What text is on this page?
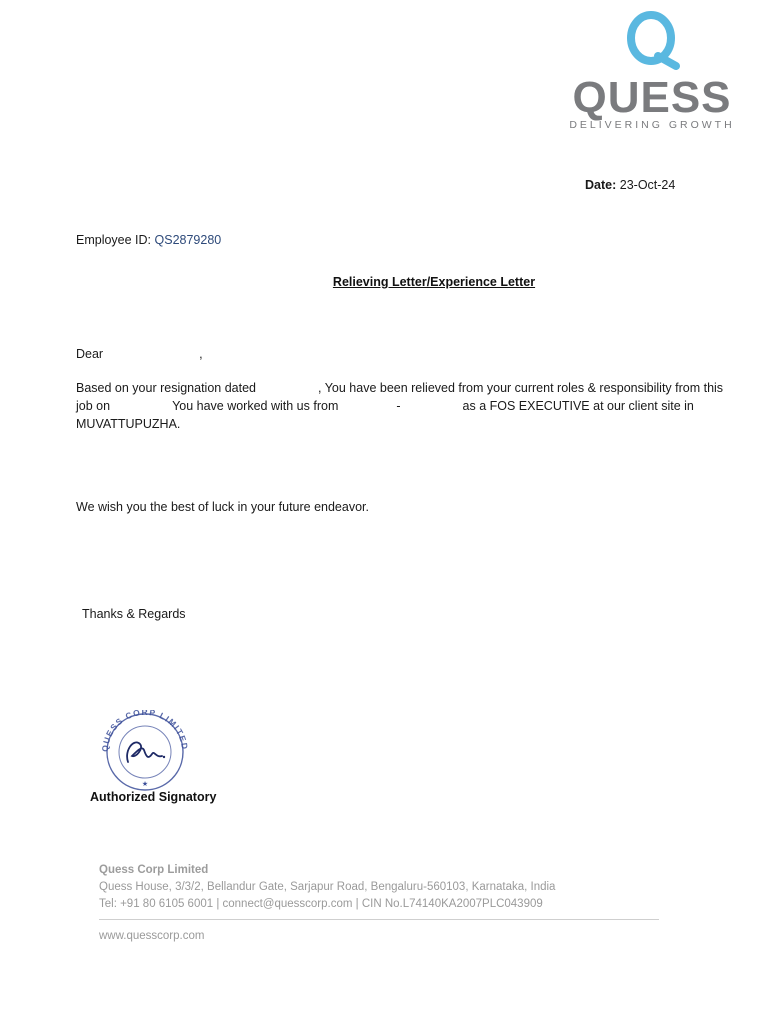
QUESS
DELIVERING GROWTH
Date: 23-Oct-24
Employee ID: QS2879280
Relieving Letter/Experience Letter
Dear	,
Based on your resignation dated	, You have been relieved from your current roles & responsibility from this
job on	You have worked with us from	-	as a FOS EXECUTIVE at our client site in
MUVATTUPUZHA.
We wish you the best of luck in your future endeavor.
Thanks & Regards
QUESS CORP LIMITED
★
Authorized Signatory
Quess Corp Limited
Quess House, 3/3/2, Bellandur Gate, Sarjapur Road, Bengaluru-560103, Karnataka, India
Tel: +91 80 6105 6001 | connect@quesscorp.com | CIN No.L74140KA2007PLC043909
www.quesscorp.com
